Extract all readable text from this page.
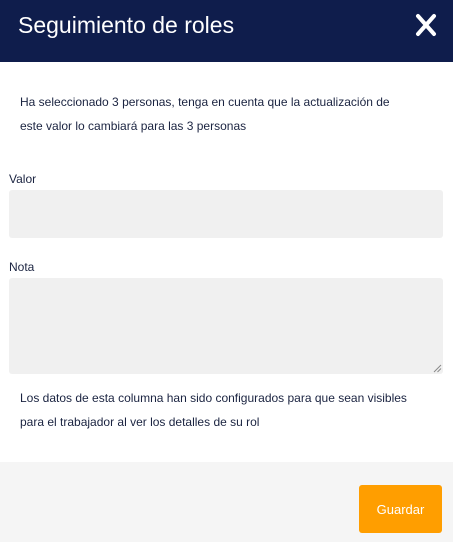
Seguimiento de roles
Ha seleccionado 3 personas, tenga en cuenta que la actualización de
este valor lo cambiará para las 3 personas
Valor
Nota
Los datos de esta columna han sido configurados para que sean visibles
para el trabajador al ver los detalles de su rol
Guardar
